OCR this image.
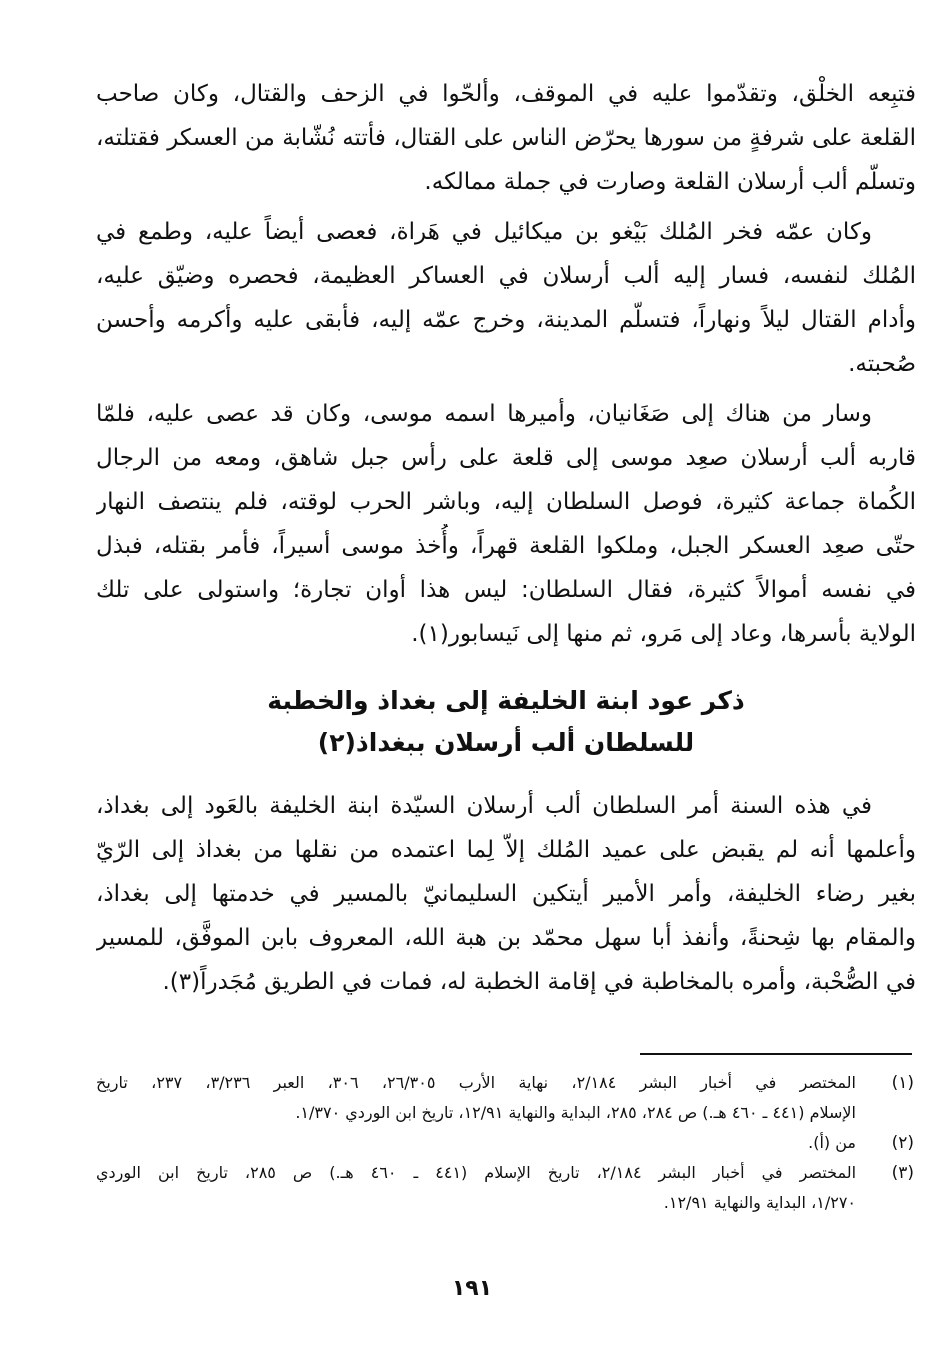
فتبِعه الخلْق، وتقدّموا عليه في الموقف، وألحّوا في الزحف والقتال، وكان صاحب
القلعة على شرفةٍ من سورها يحرّض الناس على القتال، فأتته نُشّابة من العسكر فقتلته،
وتسلّم ألب أرسلان القلعة وصارت في جملة ممالكه.
وكان عمّه فخر المُلك بَيْغو بن ميكائيل في هَراة، فعصى أيضاً عليه، وطمع في
المُلك لنفسه، فسار إليه ألب أرسلان في العساكر العظيمة، فحصره وضيّق عليه،
وأدام القتال ليلاً ونهاراً، فتسلّم المدينة، وخرج عمّه إليه، فأبقى عليه وأكرمه وأحسن
صُحبته.
وسار من هناك إلى صَغَانيان، وأميرها اسمه موسى، وكان قد عصى عليه، فلمّا
قاربه ألب أرسلان صعِد موسى إلى قلعة على رأس جبل شاهق، ومعه من الرجال
الكُماة جماعة كثيرة، فوصل السلطان إليه، وباشر الحرب لوقته، فلم ينتصف النهار
حتّى صعِد العسكر الجبل، وملكوا القلعة قهراً، وأُخذ موسى أسيراً، فأمر بقتله، فبذل
في نفسه أموالاً كثيرة، فقال السلطان: ليس هذا أوان تجارة؛ واستولى على تلك
الولاية بأسرها، وعاد إلى مَرو، ثم منها إلى نَيسابور(١).
ذكر عود ابنة الخليفة إلى بغداذ والخطبة
للسلطان ألب أرسلان ببغداذ(٢)
في هذه السنة أمر السلطان ألب أرسلان السيّدة ابنة الخليفة بالعَود إلى بغداذ،
وأعلمها أنه لم يقبض على عميد المُلك إلاّ لِما اعتمده من نقلها من بغداذ إلى الرّيّ
بغير رضاء الخليفة، وأمر الأمير أيتكين السليمانيّ بالمسير في خدمتها إلى بغداذ،
والمقام بها شِحنةً، وأنفذ أبا سهل محمّد بن هبة الله، المعروف بابن الموفَّق، للمسير
في الصُّحْبة، وأمره بالمخاطبة في إقامة الخطبة له، فمات في الطريق مُجَدراً(٣).
(١)
المختصر في أخبار البشر ٢/١٨٤، نهاية الأرب ٢٦/٣٠٥، ٣٠٦، العبر ٣/٢٣٦، ٢٣٧، تاريخ
الإسلام (٤٤١ ـ ٤٦٠ هـ.) ص ٢٨٤، ٢٨٥، البداية والنهاية ١٢/٩١، تاريخ ابن الوردي ١/٣٧٠.
(٢)
من (أ).
(٣)
المختصر في أخبار البشر ٢/١٨٤، تاريخ الإسلام (٤٤١ ـ ٤٦٠ هـ.) ص ٢٨٥، تاريخ ابن الوردي
١/٢٧٠، البداية والنهاية ١٢/٩١.
١٩١
